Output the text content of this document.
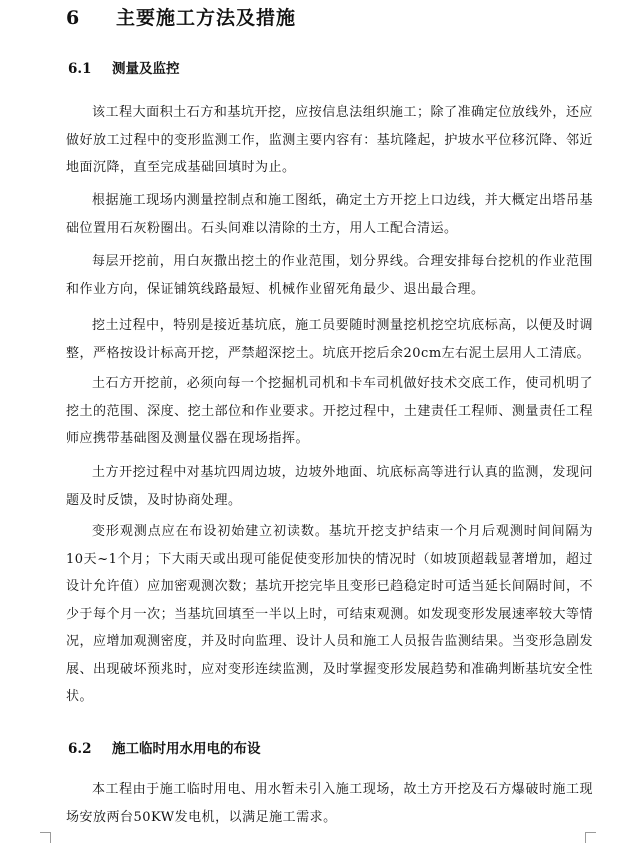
6 主要施工方法及措施
6.1 测量及监控

该工程大面积土石方和基坑开挖，应按信息法组织施工；除了准确定位放线外，还应做好放工过程中的变形监测工作，监测主要内容有：基坑隆起，护坡水平位移沉降、邻近地面沉降，直至完成基础回填时为止。

根据施工现场内测量控制点和施工图纸，确定土方开挖上口边线，并大概定出塔吊基础位置用石灰粉圈出。石头间难以清除的土方，用人工配合清运。

每层开挖前，用白灰撒出挖土的作业范围，划分界线。合理安排每台挖机的作业范围和作业方向，保证铺筑线路最短、机械作业留死角最少、退出最合理。

挖土过程中，特别是接近基坑底，施工员要随时测量挖机挖空坑底标高，以便及时调整，严格按设计标高开挖，严禁超深挖土。坑底开挖后余20cm左右泥土层用人工清底。

土石方开挖前，必须向每一个挖掘机司机和卡车司机做好技术交底工作，使司机明了挖土的范围、深度、挖土部位和作业要求。开挖过程中，土建责任工程师、测量责任工程师应携带基础图及测量仪器在现场指挥。

土方开挖过程中对基坑四周边坡，边坡外地面、坑底标高等进行认真的监测，发现问题及时反馈，及时协商处理。

变形观测点应在布设初始建立初读数。基坑开挖支护结束一个月后观测时间间隔为10天~1个月；下大雨天或出现可能促使变形加快的情况时（如坡顶超载显著增加，超过设计允许值）应加密观测次数；基坑开挖完毕且变形已趋稳定时可适当延长间隔时间，不少于每个月一次；当基坑回填至一半以上时，可结束观测。如发现变形发展速率较大等情况，应增加观测密度，并及时向监理、设计人员和施工人员报告监测结果。当变形急剧发展、出现破坏预兆时，应对变形连续监测，及时掌握变形发展趋势和准确判断基坑安全性状。

6.2 施工临时用水用电的布设

本工程由于施工临时用电、用水暂未引入施工现场，故土方开挖及石方爆破时施工现场安放两台50KW发电机，以满足施工需求。
